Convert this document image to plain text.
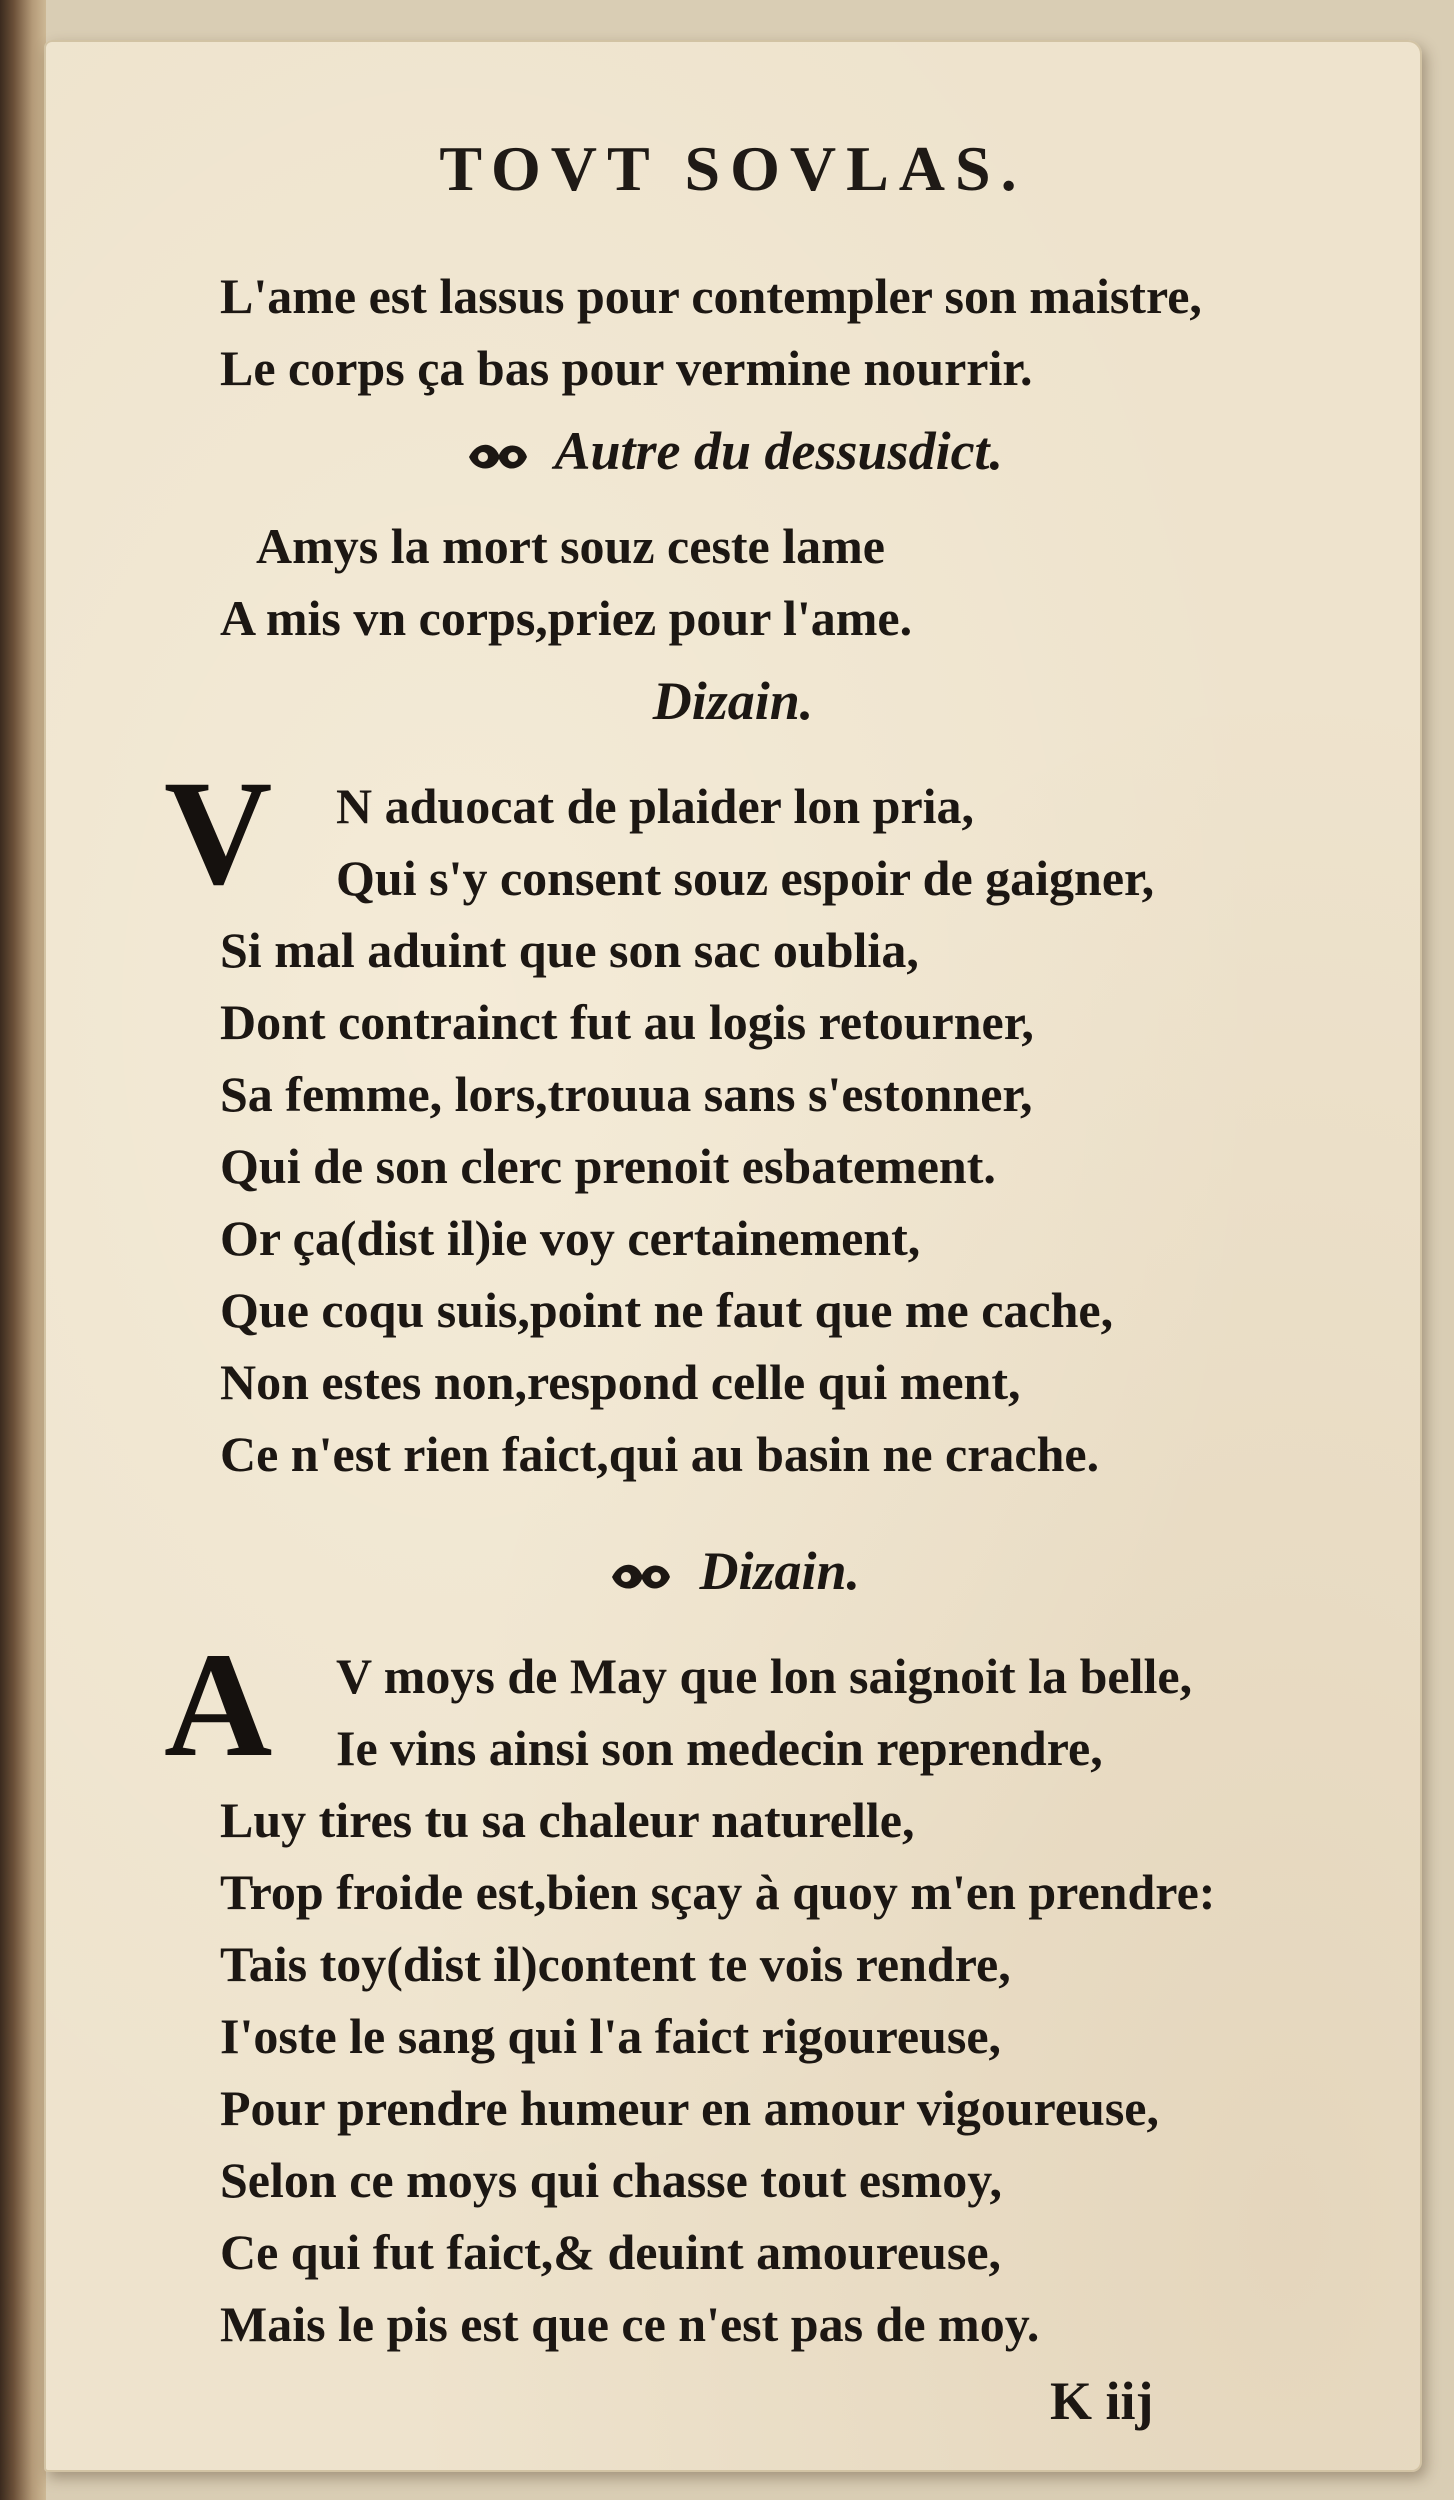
TOVT SOVLAS.
L'ame est lassus pour contempler son maistre,
Le corps ça bas pour vermine nourrir.
Autre du dessusdict.
Amys la mort souz ceste lame
A mis vn corps,priez pour l'ame.
Dizain.
V	N aduocat de plaider lon pria,
Qui s'y consent souz espoir de gaigner,
Si mal aduint que son sac oublia,
Dont contrainct fut au logis retourner,
Sa femme, lors,trouua sans s'estonner,
Qui de son clerc prenoit esbatement.
Or ça(dist il)ie voy certainement,
Que coqu suis,point ne faut que me cache,
Non estes non,respond celle qui ment,
Ce n'est rien faict,qui au basin ne crache.
Dizain.
A	V moys de May que lon saignoit la belle,
Ie vins ainsi son medecin reprendre,
Luy tires tu sa chaleur naturelle,
Trop froide est,bien sçay à quoy m'en prendre:
Tais toy(dist il)content te vois rendre,
I'oste le sang qui l'a faict rigoureuse,
Pour prendre humeur en amour vigoureuse,
Selon ce moys qui chasse tout esmoy,
Ce qui fut faict,& deuint amoureuse,
Mais le pis est que ce n'est pas de moy.
K iij
